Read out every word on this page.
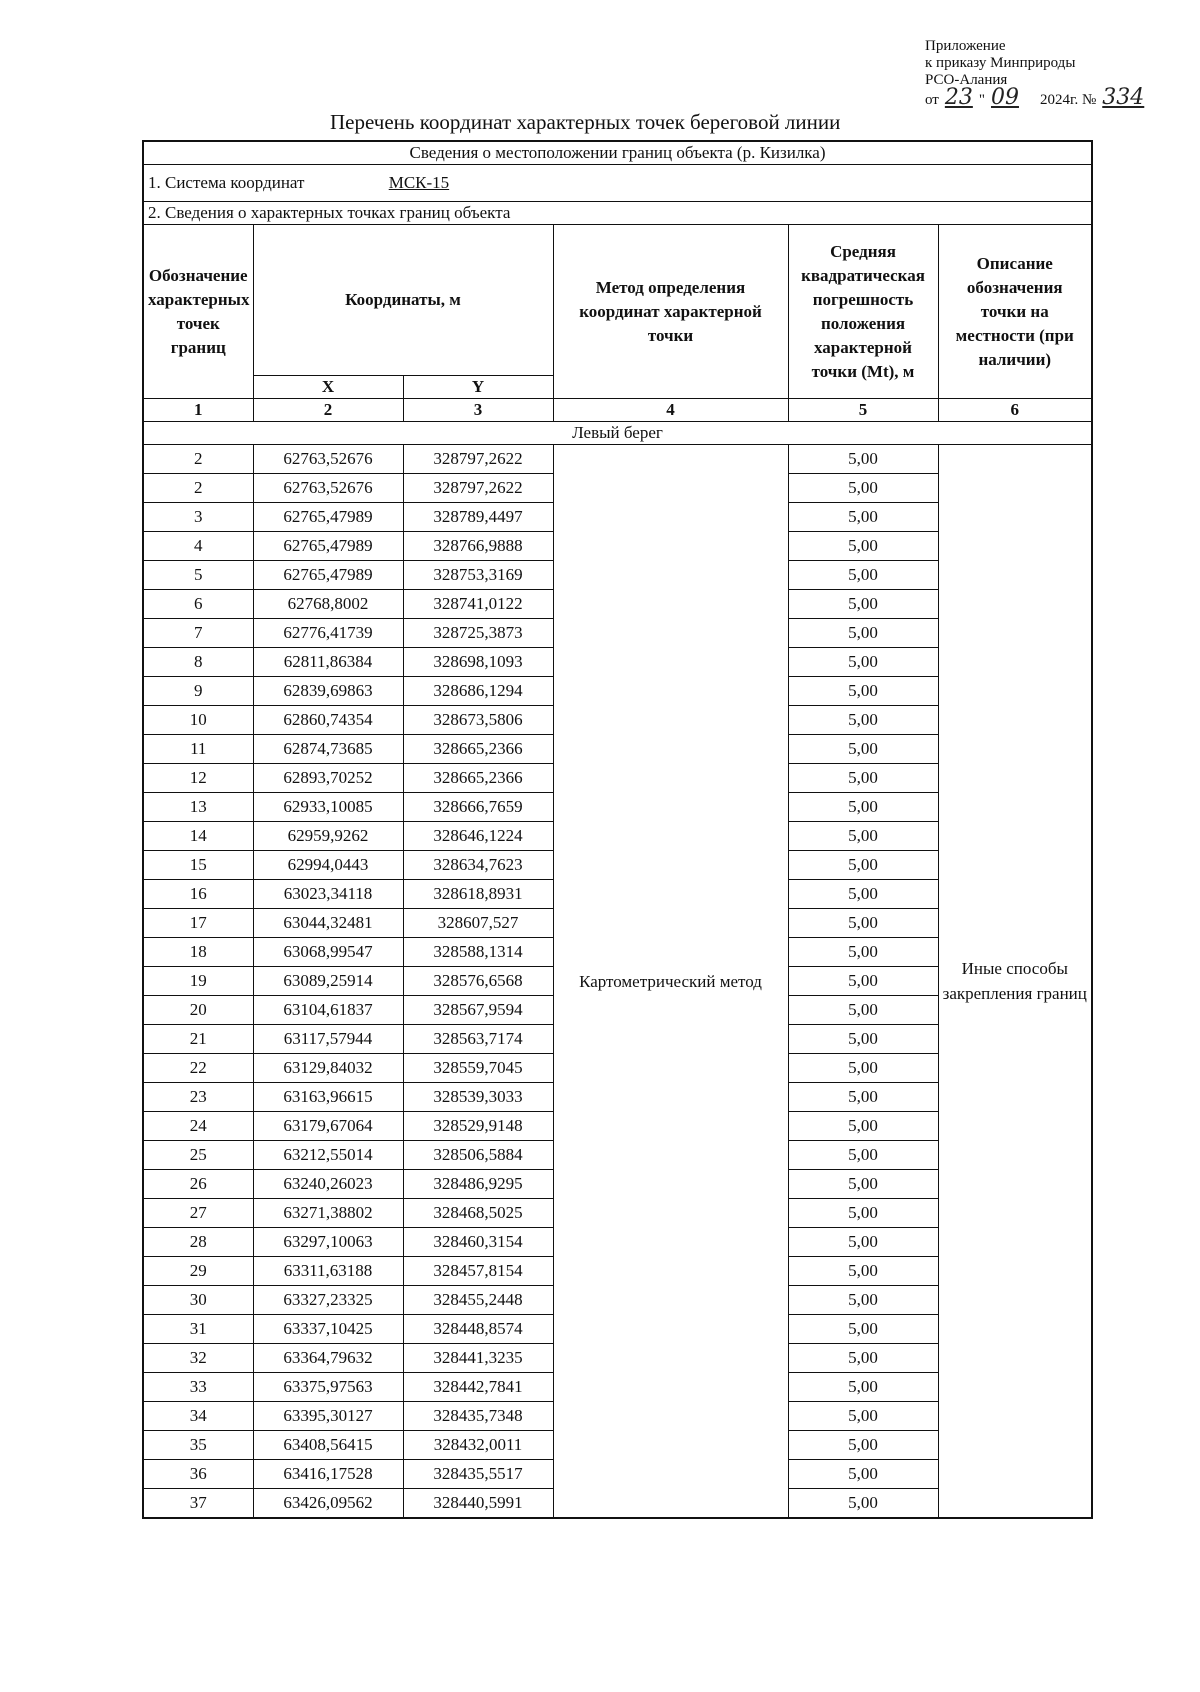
Приложение
к приказу Минприроды
РСО-Алания
от 23 " 09 2024г. № 334
Перечень координат характерных точек береговой линии
Сведения о местоположении границ объекта (р. Кизилка)					
1. Система координат МСК-15					
2. Сведения о характерных точках границ объекта					
Обозначение характерных точек границ	Координаты, м		Метод определения координат характерной точки	Средняя квадратическая погрешность положения характерной точки (Mt), м	Описание обозначения точки на местности (при наличии)
	X	Y			
1	2	3	4	5	6
Левый берег					
2	62763,52676	328797,2622	Картометрический метод	5,00	Иные способы закрепления границ
2	62763,52676	328797,2622		5,00	
3	62765,47989	328789,4497		5,00	
4	62765,47989	328766,9888		5,00	
5	62765,47989	328753,3169		5,00	
6	62768,8002	328741,0122		5,00	
7	62776,41739	328725,3873		5,00	
8	62811,86384	328698,1093		5,00	
9	62839,69863	328686,1294		5,00	
10	62860,74354	328673,5806		5,00	
11	62874,73685	328665,2366		5,00	
12	62893,70252	328665,2366		5,00	
13	62933,10085	328666,7659		5,00	
14	62959,9262	328646,1224		5,00	
15	62994,0443	328634,7623		5,00	
16	63023,34118	328618,8931		5,00	
17	63044,32481	328607,527		5,00	
18	63068,99547	328588,1314		5,00	
19	63089,25914	328576,6568		5,00	
20	63104,61837	328567,9594		5,00	
21	63117,57944	328563,7174		5,00	
22	63129,84032	328559,7045		5,00	
23	63163,96615	328539,3033		5,00	
24	63179,67064	328529,9148		5,00	
25	63212,55014	328506,5884		5,00	
26	63240,26023	328486,9295		5,00	
27	63271,38802	328468,5025		5,00	
28	63297,10063	328460,3154		5,00	
29	63311,63188	328457,8154		5,00	
30	63327,23325	328455,2448		5,00	
31	63337,10425	328448,8574		5,00	
32	63364,79632	328441,3235		5,00	
33	63375,97563	328442,7841		5,00	
34	63395,30127	328435,7348		5,00	
35	63408,56415	328432,0011		5,00	
36	63416,17528	328435,5517		5,00	
37	63426,09562	328440,5991		5,00	
